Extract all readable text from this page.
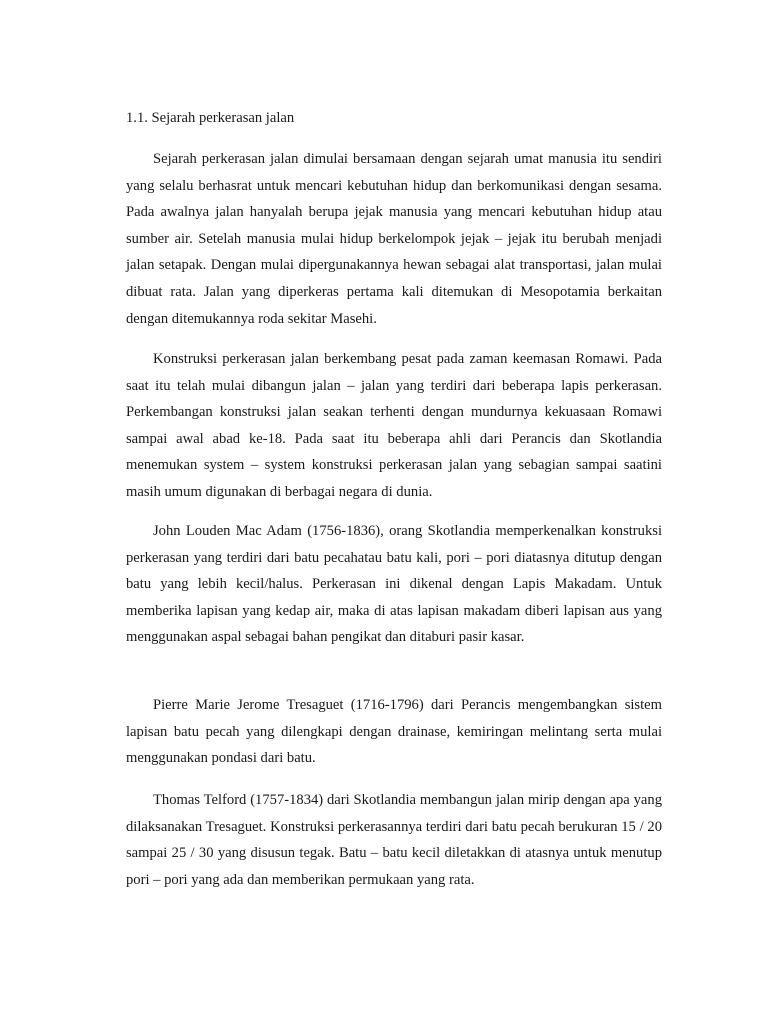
1.1. Sejarah perkerasan jalan

Sejarah perkerasan jalan dimulai bersamaan dengan sejarah umat manusia itu sendiri yang selalu berhasrat untuk mencari kebutuhan hidup dan berkomunikasi dengan sesama. Pada awalnya jalan hanyalah berupa jejak manusia yang mencari kebutuhan hidup atau sumber air. Setelah manusia mulai hidup berkelompok jejak – jejak itu berubah menjadi jalan setapak. Dengan mulai dipergunakannya hewan sebagai alat transportasi, jalan mulai dibuat rata. Jalan yang diperkeras pertama kali ditemukan di Mesopotamia berkaitan dengan ditemukannya roda sekitar Masehi.

Konstruksi perkerasan jalan berkembang pesat pada zaman keemasan Romawi. Pada saat itu telah mulai dibangun jalan – jalan yang terdiri dari beberapa lapis perkerasan. Perkembangan konstruksi jalan seakan terhenti dengan mundurnya kekuasaan Romawi sampai awal abad ke-18. Pada saat itu beberapa ahli dari Perancis dan Skotlandia menemukan system – system konstruksi perkerasan jalan yang sebagian sampai saatini masih umum digunakan di berbagai negara di dunia.

John Louden Mac Adam (1756-1836), orang Skotlandia memperkenalkan konstruksi perkerasan yang terdiri dari batu pecahatau batu kali, pori – pori diatasnya ditutup dengan batu yang lebih kecil/halus. Perkerasan ini dikenal dengan Lapis Makadam. Untuk memberika lapisan yang kedap air, maka di atas lapisan makadam diberi lapisan aus yang menggunakan aspal sebagai bahan pengikat dan ditaburi pasir kasar.

Pierre Marie Jerome Tresaguet (1716-1796) dari Perancis mengembangkan sistem lapisan batu pecah yang dilengkapi dengan drainase, kemiringan melintang serta mulai menggunakan pondasi dari batu.

Thomas Telford (1757-1834) dari Skotlandia membangun jalan mirip dengan apa yang dilaksanakan Tresaguet. Konstruksi perkerasannya terdiri dari batu pecah berukuran 15 / 20 sampai 25 / 30 yang disusun tegak. Batu – batu kecil diletakkan di atasnya untuk menutup pori – pori yang ada dan memberikan permukaan yang rata.
